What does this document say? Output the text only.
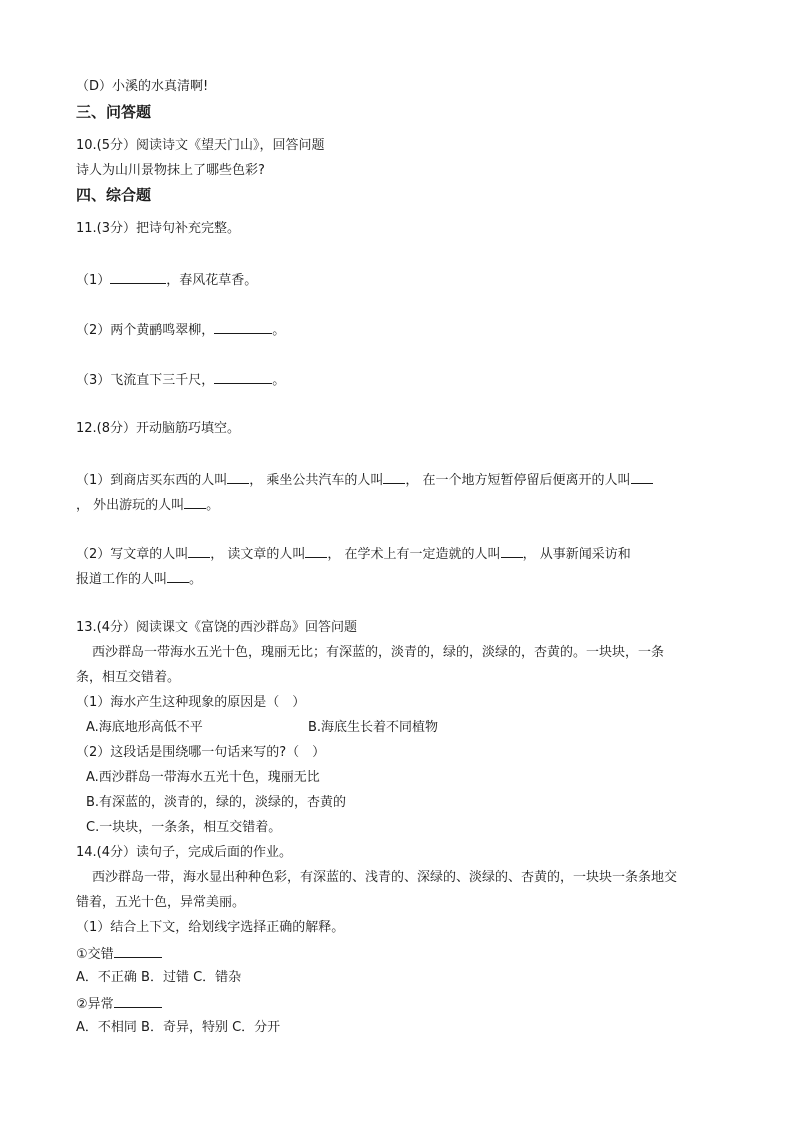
（D）小溪的水真清啊!
三、问答题
10.(5分）阅读诗文《望天门山》，回答问题
诗人为山川景物抹上了哪些色彩?
四、综合题
11.(3分）把诗句补充完整。
（1）	，春风花草香。
（2）两个黄鹂鸣翠柳，	。
（3）飞流直下三千尺，	。
12.(8分）开动脑筋巧填空。
（1）到商店买东西的人叫 ， 乘坐公共汽车的人叫 ， 在一个地方短暂停留后便离开的人叫
， 外出游玩的人叫 。
（2）写文章的人叫 ， 读文章的人叫 ， 在学术上有一定造就的人叫 ， 从事新闻采访和
报道工作的人叫 。
13.(4分）阅读课文《富饶的西沙群岛》回答问题
西沙群岛一带海水五光十色，瑰丽无比；有深蓝的，淡青的，绿的，淡绿的，杏黄的。一块块，一条
条，相互交错着。
（1）海水产生这种现象的原因是（　）
A.海底地形高低不平	B.海底生长着不同植物
（2）这段话是围绕哪一句话来写的?（　）
A.西沙群岛一带海水五光十色，瑰丽无比
B.有深蓝的，淡青的，绿的，淡绿的，杏黄的
C.一块块，一条条，相互交错着。
14.(4分）读句子，完成后面的作业。
西沙群岛一带，海水显出种种色彩，有深蓝的、浅青的、深绿的、淡绿的、杏黄的，一块块一条条地交
错着，五光十色，异常美丽。
（1）结合上下文，给划线字选择正确的解释。
①交错
A．不正确 B．过错 C．错杂
②异常
A．不相同 B．奇异，特别 C．分开
